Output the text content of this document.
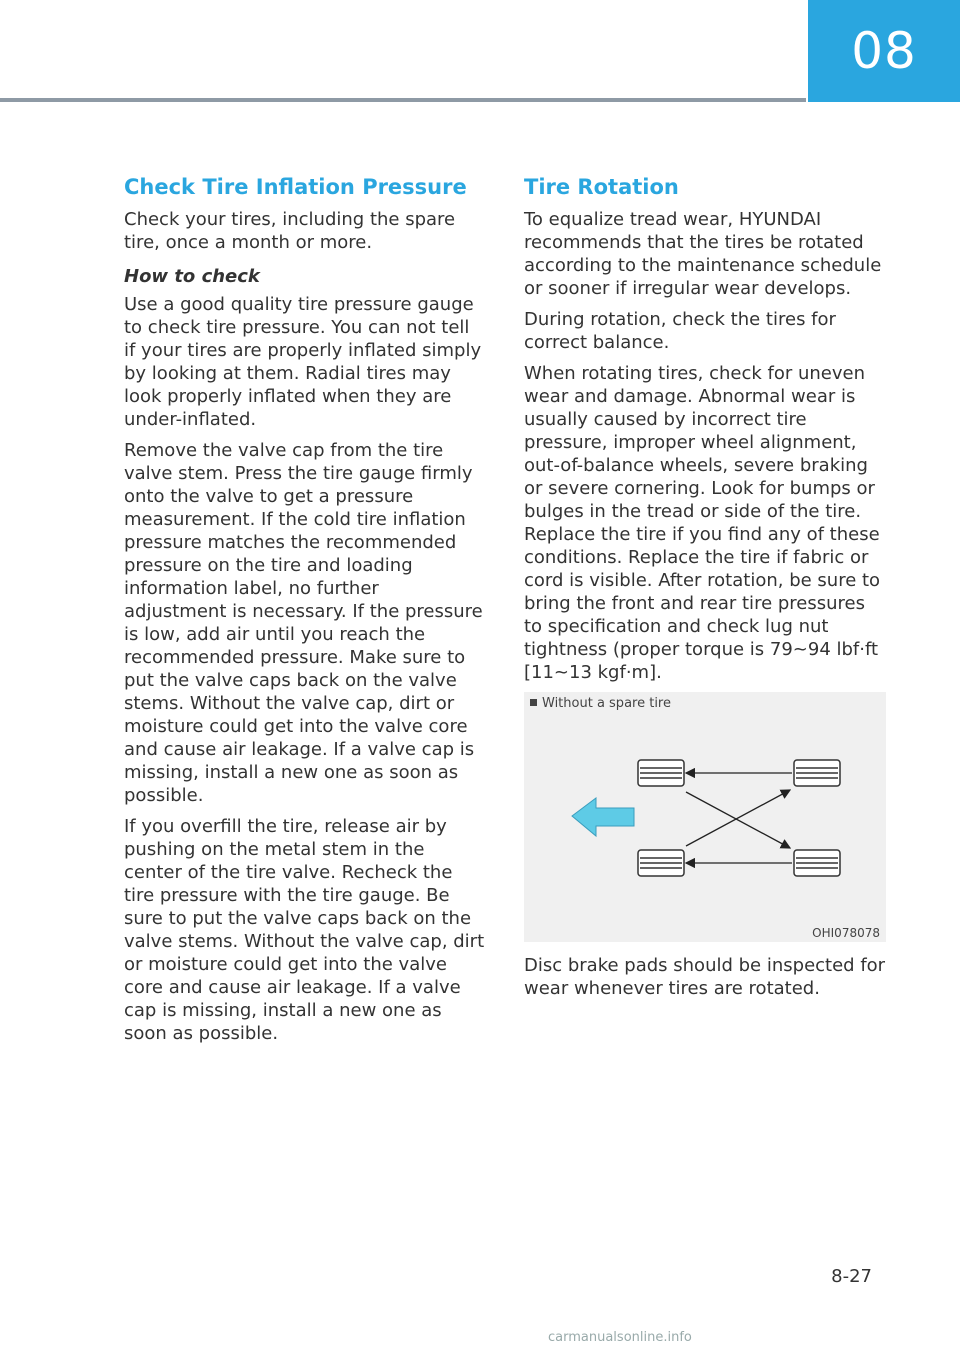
08
Check Tire Inflation Pressure

Check your tires, including the spare tire, once a month or more.

How to check

Use a good quality tire pressure gauge to check tire pressure. You can not tell if your tires are properly inflated simply by looking at them. Radial tires may look properly inflated when they are under-inflated.

Remove the valve cap from the tire valve stem. Press the tire gauge firmly onto the valve to get a pressure measurement. If the cold tire inflation pressure matches the recommended pressure on the tire and loading information label, no further adjustment is necessary. If the pressure is low, add air until you reach the recommended pressure. Make sure to put the valve caps back on the valve stems. Without the valve cap, dirt or moisture could get into the valve core and cause air leakage. If a valve cap is missing, install a new one as soon as possible.

If you overfill the tire, release air by pushing on the metal stem in the center of the tire valve. Recheck the tire pressure with the tire gauge. Be sure to put the valve caps back on the valve stems. Without the valve cap, dirt or moisture could get into the valve core and cause air leakage. If a valve cap is missing, install a new one as soon as possible.

Tire Rotation

To equalize tread wear, HYUNDAI recommends that the tires be rotated according to the maintenance schedule or sooner if irregular wear develops.

During rotation, check the tires for correct balance.

When rotating tires, check for uneven wear and damage. Abnormal wear is usually caused by incorrect tire pressure, improper wheel alignment, out-of-balance wheels, severe braking or severe cornering. Look for bumps or bulges in the tread or side of the tire. Replace the tire if you find any of these conditions. Replace the tire if fabric or cord is visible. After rotation, be sure to bring the front and rear tire pressures to specification and check lug nut tightness (proper torque is 79~94 lbf·ft [11~13 kgf·m].

Without a spare tire
OHI078078

Disc brake pads should be inspected for wear whenever tires are rotated.

8-27
carmanualsonline.info
